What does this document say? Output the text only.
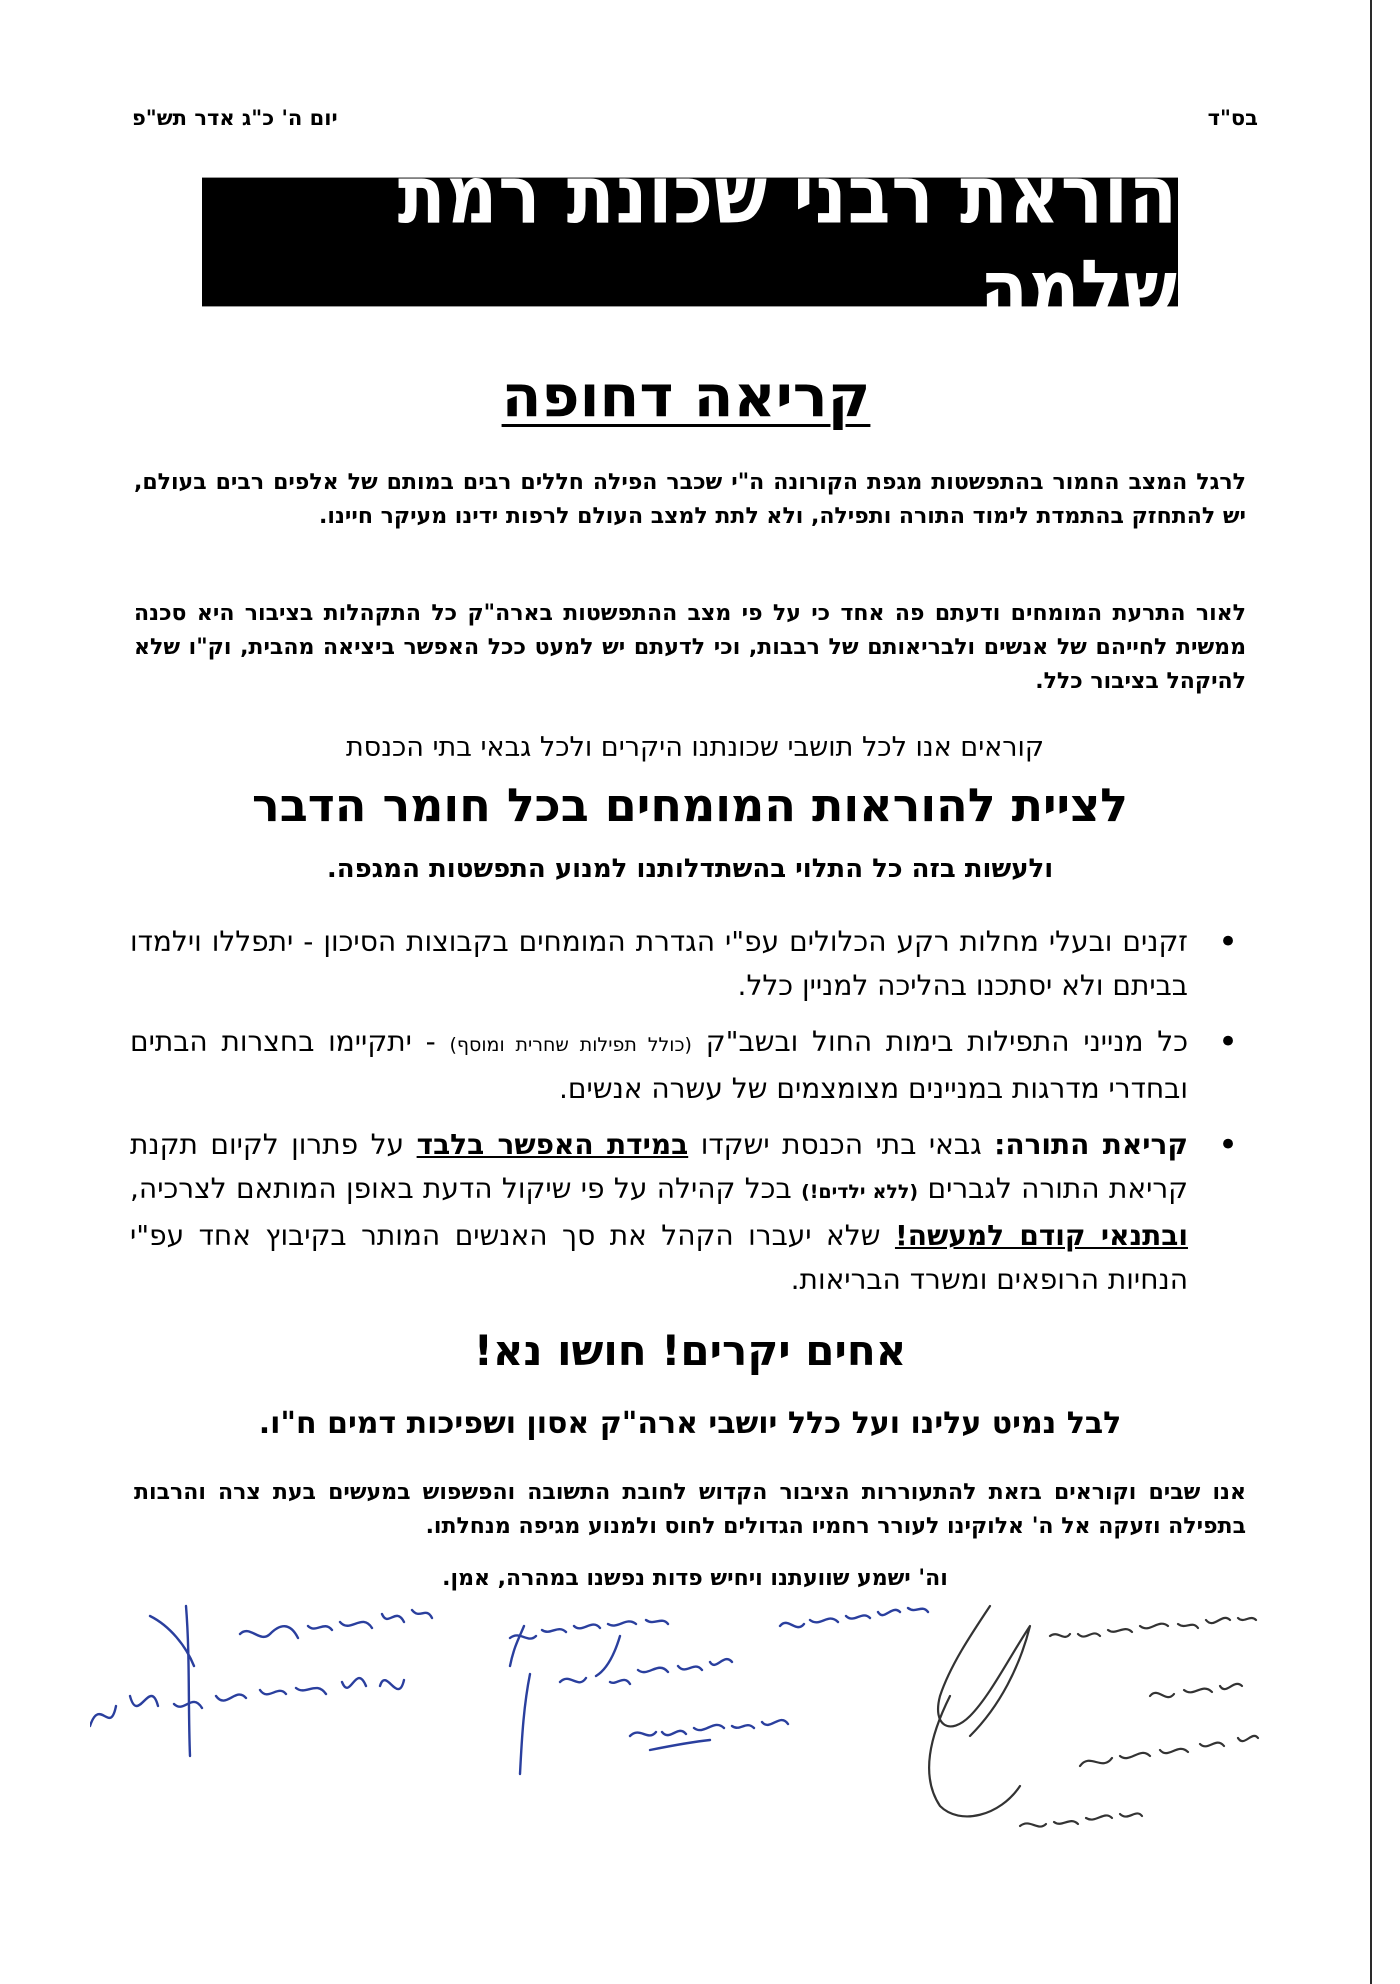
בס"ד
יום ה' כ"ג אדר תש"פ
הוראת רבני שכונת רמת שלמה
קריאה דחופה
לרגל המצב החמור בהתפשטות מגפת הקורונה ה"י שכבר הפילה חללים רבים במותם של אלפים רבים בעולם, יש להתחזק בהתמדת לימוד התורה ותפילה, ולא לתת למצב העולם לרפות ידינו מעיקר חיינו.
לאור התרעת המומחים ודעתם פה אחד כי על פי מצב ההתפשטות בארה"ק כל התקהלות בציבור היא סכנה ממשית לחייהם של אנשים ולבריאותם של רבבות, וכי לדעתם יש למעט ככל האפשר ביציאה מהבית, וק"ו שלא להיקהל בציבור כלל.
קוראים אנו לכל תושבי שכונתנו היקרים ולכל גבאי בתי הכנסת
לציית להוראות המומחים בכל חומר הדבר
ולעשות בזה כל התלוי בהשתדלותנו למנוע התפשטות המגפה.
• זקנים ובעלי מחלות רקע הכלולים עפ"י הגדרת המומחים בקבוצות הסיכון - יתפללו וילמדו בביתם ולא יסתכנו בהליכה למניין כלל.
• כל מנייני התפילות בימות החול ובשב"ק (כולל תפילות שחרית ומוסף) - יתקיימו בחצרות הבתים ובחדרי מדרגות במניינים מצומצמים של עשרה אנשים.
• קריאת התורה: גבאי בתי הכנסת ישקדו במידת האפשר בלבד על פתרון לקיום תקנת קריאת התורה לגברים (ללא ילדים!) בכל קהילה על פי שיקול הדעת באופן המותאם לצרכיה, ובתנאי קודם למעשה! שלא יעברו הקהל את סך האנשים המותר בקיבוץ אחד עפ"י הנחיות הרופאים ומשרד הבריאות.
אחים יקרים! חושו נא!
לבל נמיט עלינו ועל כלל יושבי ארה"ק אסון ושפיכות דמים ח"ו.
אנו שבים וקוראים בזאת להתעוררות הציבור הקדוש לחובת התשובה והפשפוש במעשים בעת צרה והרבות בתפילה וזעקה אל ה' אלוקינו לעורר רחמיו הגדולים לחוס ולמנוע מגיפה מנחלתו.
וה' ישמע שוועתנו ויחיש פדות נפשנו במהרה, אמן.
